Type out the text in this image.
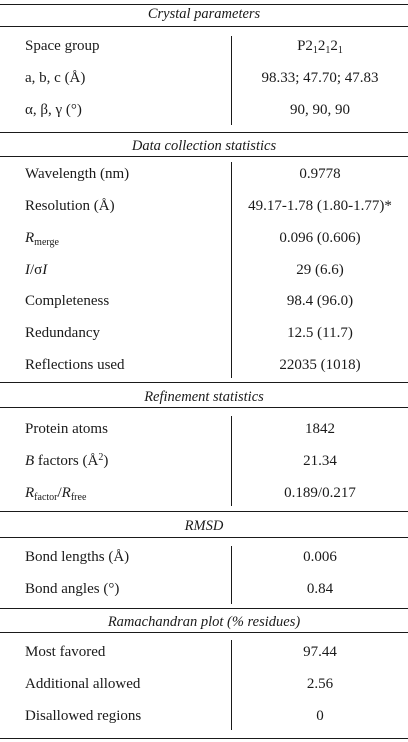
Crystal parameters
Space group	$P2_12_12_1$
a, b, c (Å)	98.33; 47.70; 47.83
α, β, γ (°)	90, 90, 90
Data collection statistics
Wavelength (nm)	0.9778
Resolution (Å)	49.17-1.78 (1.80-1.77)*
$R_{merge}$	0.096 (0.606)
I/σI	29 (6.6)
Completeness	98.4 (96.0)
Redundancy	12.5 (11.7)
Reflections used	22035 (1018)
Refinement statistics
Protein atoms	1842
B factors $(Å^2)$	21.34
$R_{factor}/R_{free}$	0.189/0.217
RMSD
Bond lengths (Å)	0.006
Bond angles (°)	0.84
Ramachandran plot (% residues)
Most favored	97.44
Additional allowed	2.56
Disallowed regions	0
